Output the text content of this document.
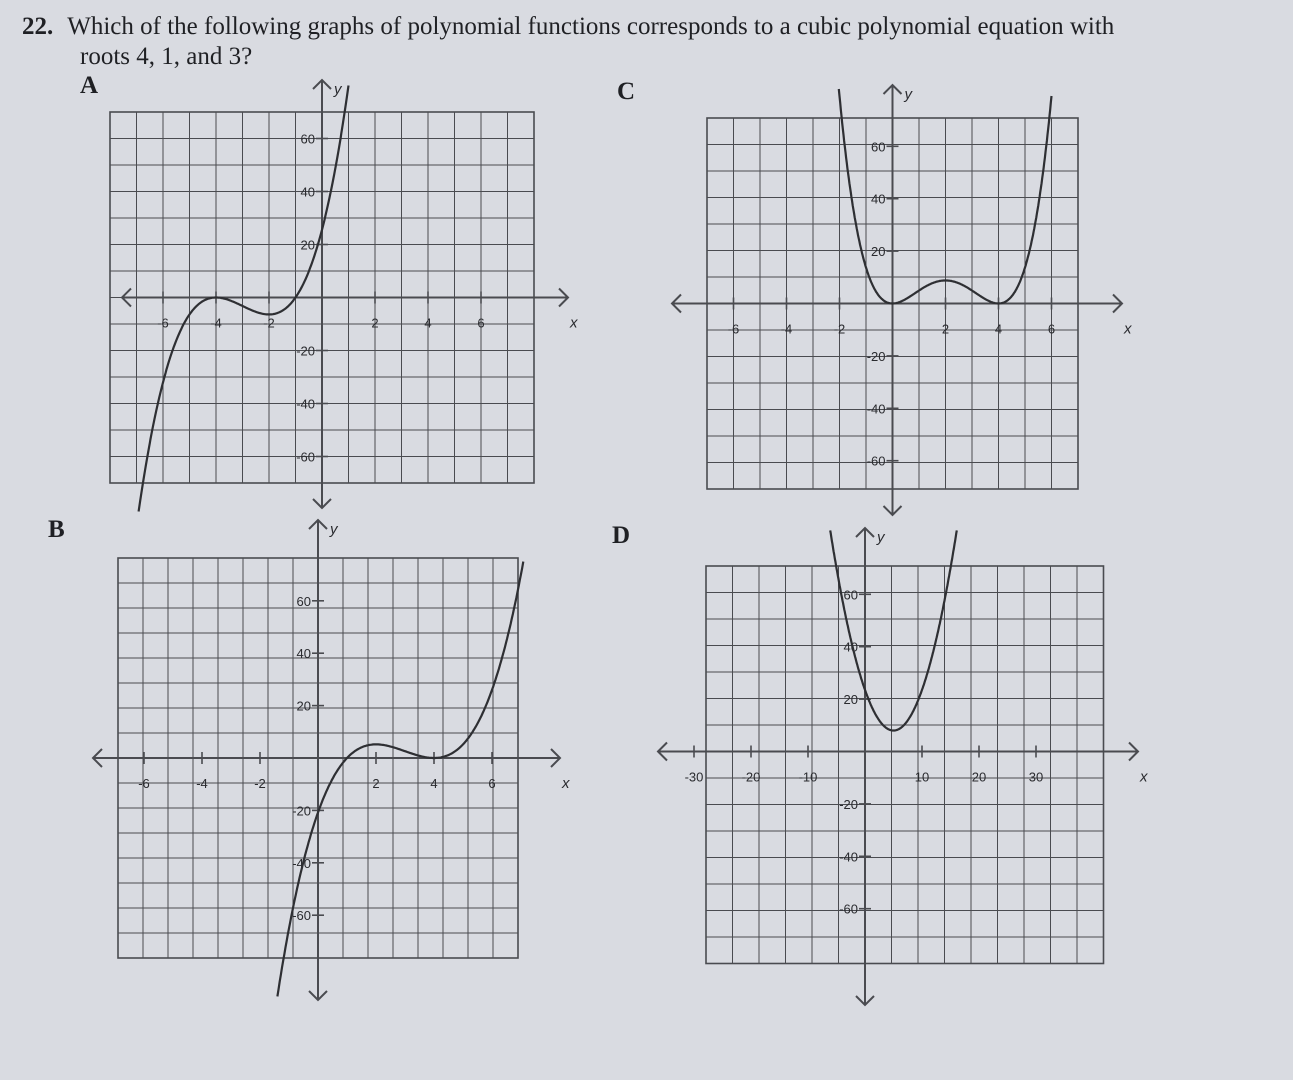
22. Which of the following graphs of polynomial functions corresponds to a cubic polynomial equation with
roots 4, 1, and 3?
A	C
B	D
x
y
-6	-4	-2	2	4	6
60
40
20
-20
-40
-60
x
y
-6	-4	-2	2	4	6
60
40
20
-20
-40
-60
x
y
-6	-4	-2	2	4	6
60
40
20
-20
-40
-60
x
y
-30	-20	-10	10	20	30
60
40
20
-20
-40
-60
